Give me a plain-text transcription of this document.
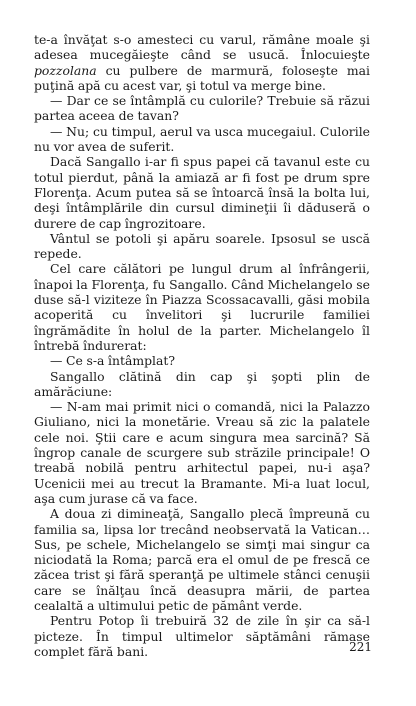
te-a învăţat s-o amesteci cu varul, rămâne moale şi adesea mucegăieşte când se usucă. Înlocuieşte pozzolana cu pulbere de marmură, foloseşte mai puţină apă cu acest var, şi totul va merge bine.

— Dar ce se întâmplă cu culorile? Trebuie să răzui partea aceea de tavan?

— Nu; cu timpul, aerul va usca mucegaiul. Culorile nu vor avea de suferit.

Dacă Sangallo i-ar fi spus papei că tavanul este cu totul pierdut, până la amiază ar fi fost pe drum spre Florenţa. Acum putea să se întoarcă însă la bolta lui, deşi întâmplările din cursul dimineţii îi dăduseră o durere de cap îngrozitoare.

Vântul se potoli şi apăru soarele. Ipsosul se uscă repede.

Cel care călători pe lungul drum al înfrângerii, înapoi la Florenţa, fu Sangallo. Când Michelangelo se duse să-l viziteze în Piazza Scossacavalli, găsi mobila acoperită cu învelitori şi lucrurile familiei îngrămădite în holul de la parter. Michelangelo îl întrebă îndurerat:

— Ce s-a întâmplat?

Sangallo clătină din cap şi şopti plin de amărăciune:

— N-am mai primit nici o comandă, nici la Palazzo Giuliano, nici la monetărie. Vreau să zic la palatele cele noi. Ştii care e acum singura mea sarcină? Să îngrop canale de scurgere sub străzile principale! O treabă nobilă pentru arhitectul papei, nu-i aşa? Ucenicii mei au trecut la Bramante. Mi-a luat locul, aşa cum jurase că va face.

A doua zi dimineaţă, Sangallo plecă împreună cu familia sa, lipsa lor trecând neobservată la Vatican… Sus, pe schele, Michelangelo se simţi mai singur ca niciodată la Roma; parcă era el omul de pe frescă ce zăcea trist şi fără speranţă pe ultimele stânci cenuşii care se înălţau încă deasupra mării, de partea cealaltă a ultimului petic de pământ verde.

Pentru Potop îi trebuiră 32 de zile în şir ca să-l picteze. În timpul ultimelor săptămâni rămase complet fără bani.	221
